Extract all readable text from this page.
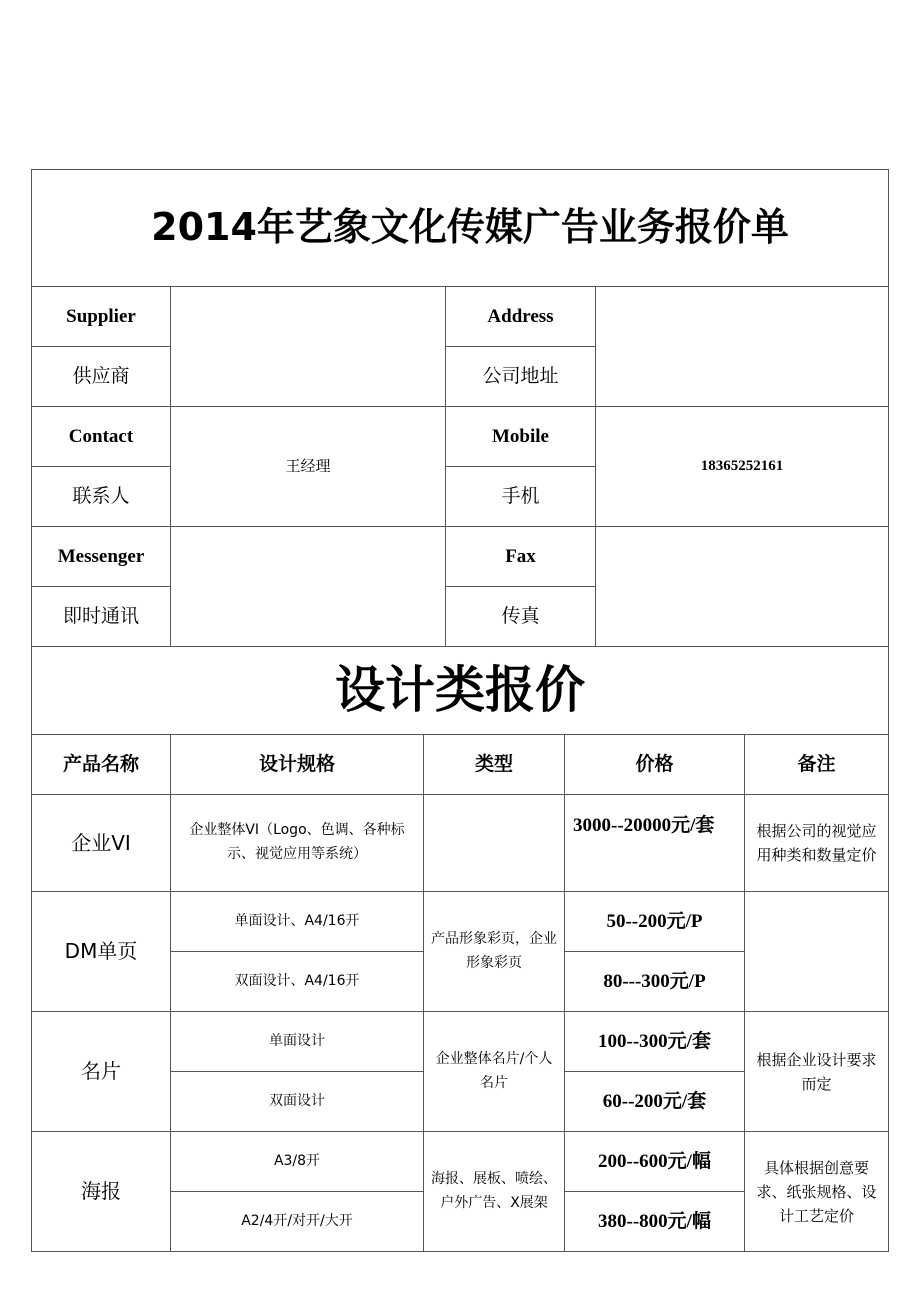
2014年艺象文化传媒广告业务报价单
Supplier		Address	
供应商		公司地址	
Contact	王经理	Mobile	18365252161
联系人		手机	
Messenger		Fax	
即时通讯		传真	
设计类报价				
产品名称	设计规格	类型	价格	备注
企业VI	企业整体VI（Logo、色调、各种标示、视觉应用等系统）		3000--20000元/套	根据公司的视觉应用种类和数量定价
DM单页	单面设计、A4/16开	产品形象彩页，企业形象彩页	50--200元/P	
	双面设计、A4/16开		80---300元/P	
名片	单面设计	企业整体名片/个人名片	100--300元/套	根据企业设计要求而定
	双面设计		60--200元/套	
海报	A3/8开	海报、展板、喷绘、户外广告、X展架	200--600元/幅	具体根据创意要求、纸张规格、设计工艺定价
	A2/4开/对开/大开		380--800元/幅	
